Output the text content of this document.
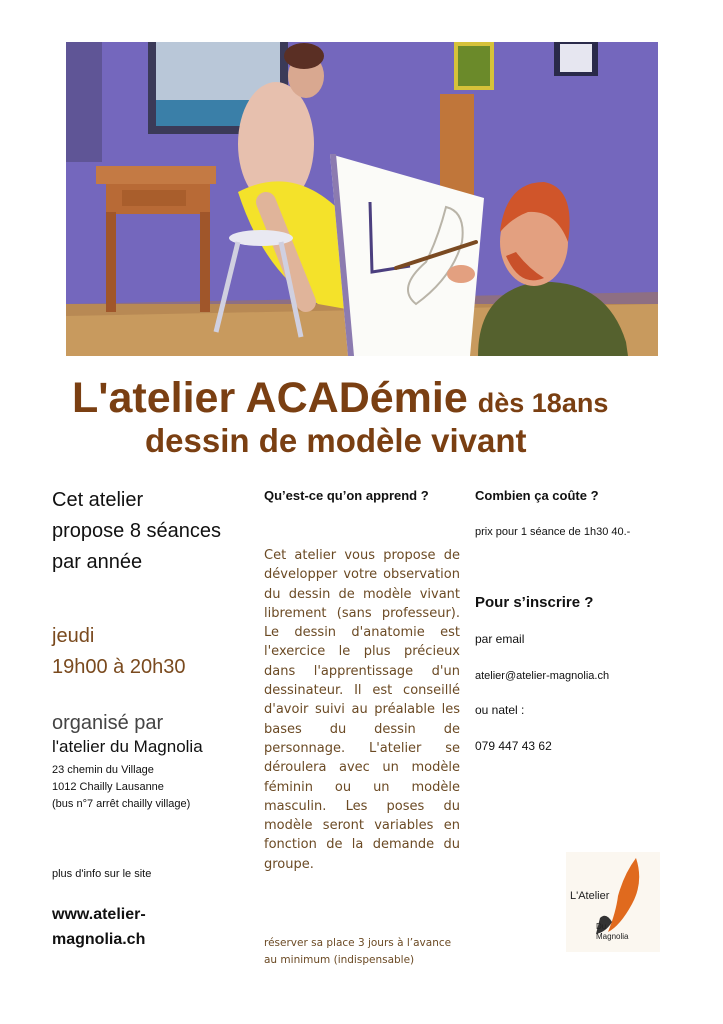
L'atelier ACADémie dès 18ans
dessin de modèle vivant
Cet atelier
propose 8 séances
par année
jeudi
19h00 à 20h30
organisé par
l'atelier du Magnolia
23 chemin du Village
1012 Chailly Lausanne
(bus n°7 arrêt chailly village)
plus d'info sur le site
www.atelier-
magnolia.ch
Qu’est-ce qu’on apprend ?
Cet atelier vous propose de développer votre observation du dessin de modèle vivant librement (sans professeur). Le dessin d'anatomie est l'exercice le plus précieux dans l'apprentissage d'un dessinateur. Il est conseillé d'avoir suivi au préalable les bases du dessin de personnage. L'atelier se déroulera avec un modèle féminin ou un modèle masculin. Les poses du modèle seront variables en fonction de la demande du groupe.
réserver sa place 3 jours à l’avance
au minimum (indispensable)
Combien ça coûte ?
prix pour 1 séance de 1h30 40.-
Pour s’inscrire ?
par email
atelier@atelier-magnolia.ch
ou natel :
079 447 43 62
L'Atelier
Du
Magnolia
